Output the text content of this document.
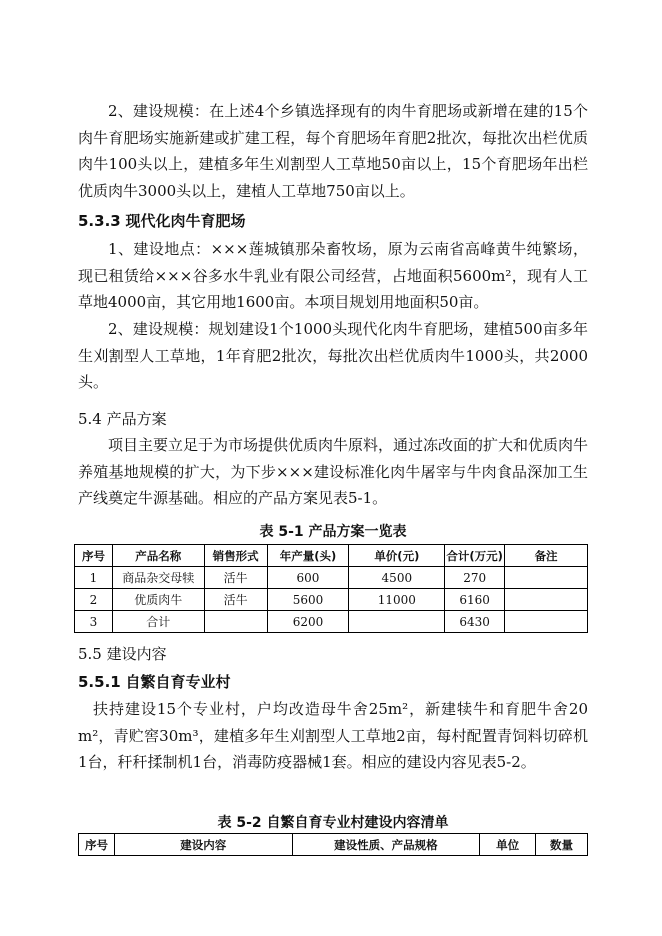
2、建设规模：在上述4个乡镇选择现有的肉牛育肥场或新增在建的15个肉牛育肥场实施新建或扩建工程，每个育肥场年育肥2批次，每批次出栏优质肉牛100头以上，建植多年生刈割型人工草地50亩以上，15个育肥场年出栏优质肉牛3000头以上，建植人工草地750亩以上。
5.3.3 现代化肉牛育肥场
1、建设地点：×××莲城镇那朵畜牧场，原为云南省高峰黄牛纯繁场，现已租赁给×××谷多水牛乳业有限公司经营，占地面积5600m²，现有人工草地4000亩，其它用地1600亩。本项目规划用地面积50亩。
2、建设规模：规划建设1个1000头现代化肉牛育肥场，建植500亩多年生刈割型人工草地，1年育肥2批次，每批次出栏优质肉牛1000头，共2000头。
5.4 产品方案
项目主要立足于为市场提供优质肉牛原料，通过冻改面的扩大和优质肉牛养殖基地规模的扩大，为下步×××建设标准化肉牛屠宰与牛肉食品深加工生产线奠定牛源基础。相应的产品方案见表5-1。
表 5-1 产品方案一览表
序号	产品名称	销售形式	年产量(头)	单价(元)	合计(万元)	备注
1	商品杂交母犊	活牛	600	4500	270	
2	优质肉牛	活牛	5600	11000	6160	
3	合计		6200		6430	
5.5 建设内容
5.5.1 自繁自育专业村
扶持建设15个专业村，户均改造母牛舍25m²，新建犊牛和育肥牛舍20 m²，青贮窖30m³，建植多年生刈割型人工草地2亩，每村配置青饲料切碎机1台，秆秆揉制机1台，消毒防疫器械1套。相应的建设内容见表5-2。
表 5-2 自繁自育专业村建设内容清单
序号	建设内容	建设性质、产品规格	单位	数量
